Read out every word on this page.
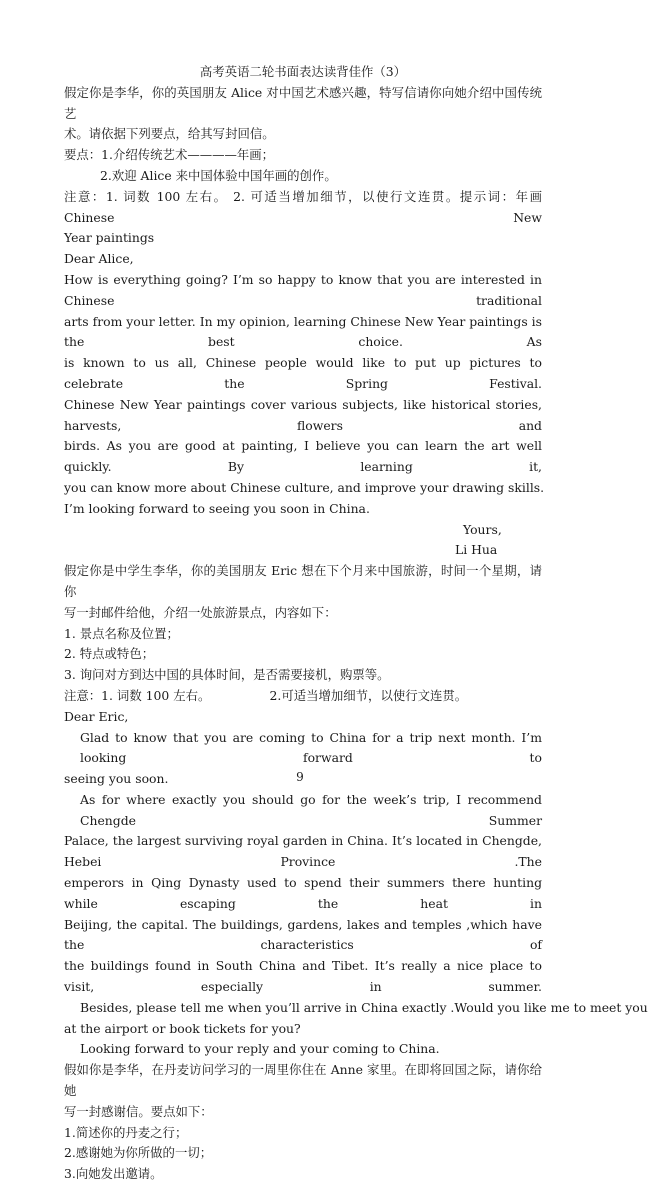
高考英语二轮书面表达读背佳作（3）
假定你是李华，你的英国朋友 Alice 对中国艺术感兴趣，特写信请你向她介绍中国传统艺
术。请依据下列要点，给其写封回信。
要点：1.介绍传统艺术————年画；
2.欢迎 Alice 来中国体验中国年画的创作。
注意：1. 词数 100 左右。 2. 可适当增加细节，以使行文连贯。提示词：年画 Chinese New
Year paintings
Dear Alice,
How is everything going? I’m so happy to know that you are interested in Chinese traditional
arts from your letter. In my opinion, learning Chinese New Year paintings is the best choice. As
is known to us all, Chinese people would like to put up pictures to celebrate the Spring Festival.
Chinese New Year paintings cover various subjects, like historical stories, harvests, flowers and
birds. As you are good at painting, I believe you can learn the art well quickly. By learning it,
you can know more about Chinese culture, and improve your drawing skills.
I’m looking forward to seeing you soon in China.
Yours,
Li Hua
假定你是中学生李华，你的美国朋友 Eric 想在下个月来中国旅游，时间一个星期，请你
写一封邮件给他，介绍一处旅游景点，内容如下：
1. 景点名称及位置；
2. 特点或特色；
3. 询问对方到达中国的具体时间，是否需要接机，购票等。
注意：1. 词数 100 左右。               2.可适当增加细节，以使行文连贯。
Dear Eric,
Glad to know that you are coming to China for a trip next month. I’m looking forward to
seeing you soon.
As for where exactly you should go for the week’s trip, I recommend Chengde Summer
Palace, the largest surviving royal garden in China. It’s located in Chengde, Hebei Province .The
emperors in Qing Dynasty used to spend their summers there hunting while escaping the heat in
Beijing, the capital. The buildings, gardens, lakes and temples ,which have the characteristics of
the buildings found in South China and Tibet. It’s really a nice place to visit, especially in summer.
Besides, please tell me when you’ll arrive in China exactly .Would you like me to meet you
at the airport or book tickets for you?
Looking forward to your reply and your coming to China.
假如你是李华，在丹麦访问学习的一周里你住在 Anne 家里。在即将回国之际，请你给她
写一封感谢信。要点如下：
1.简述你的丹麦之行；
2.感谢她为你所做的一切；
3.向她发出邀请。
9
